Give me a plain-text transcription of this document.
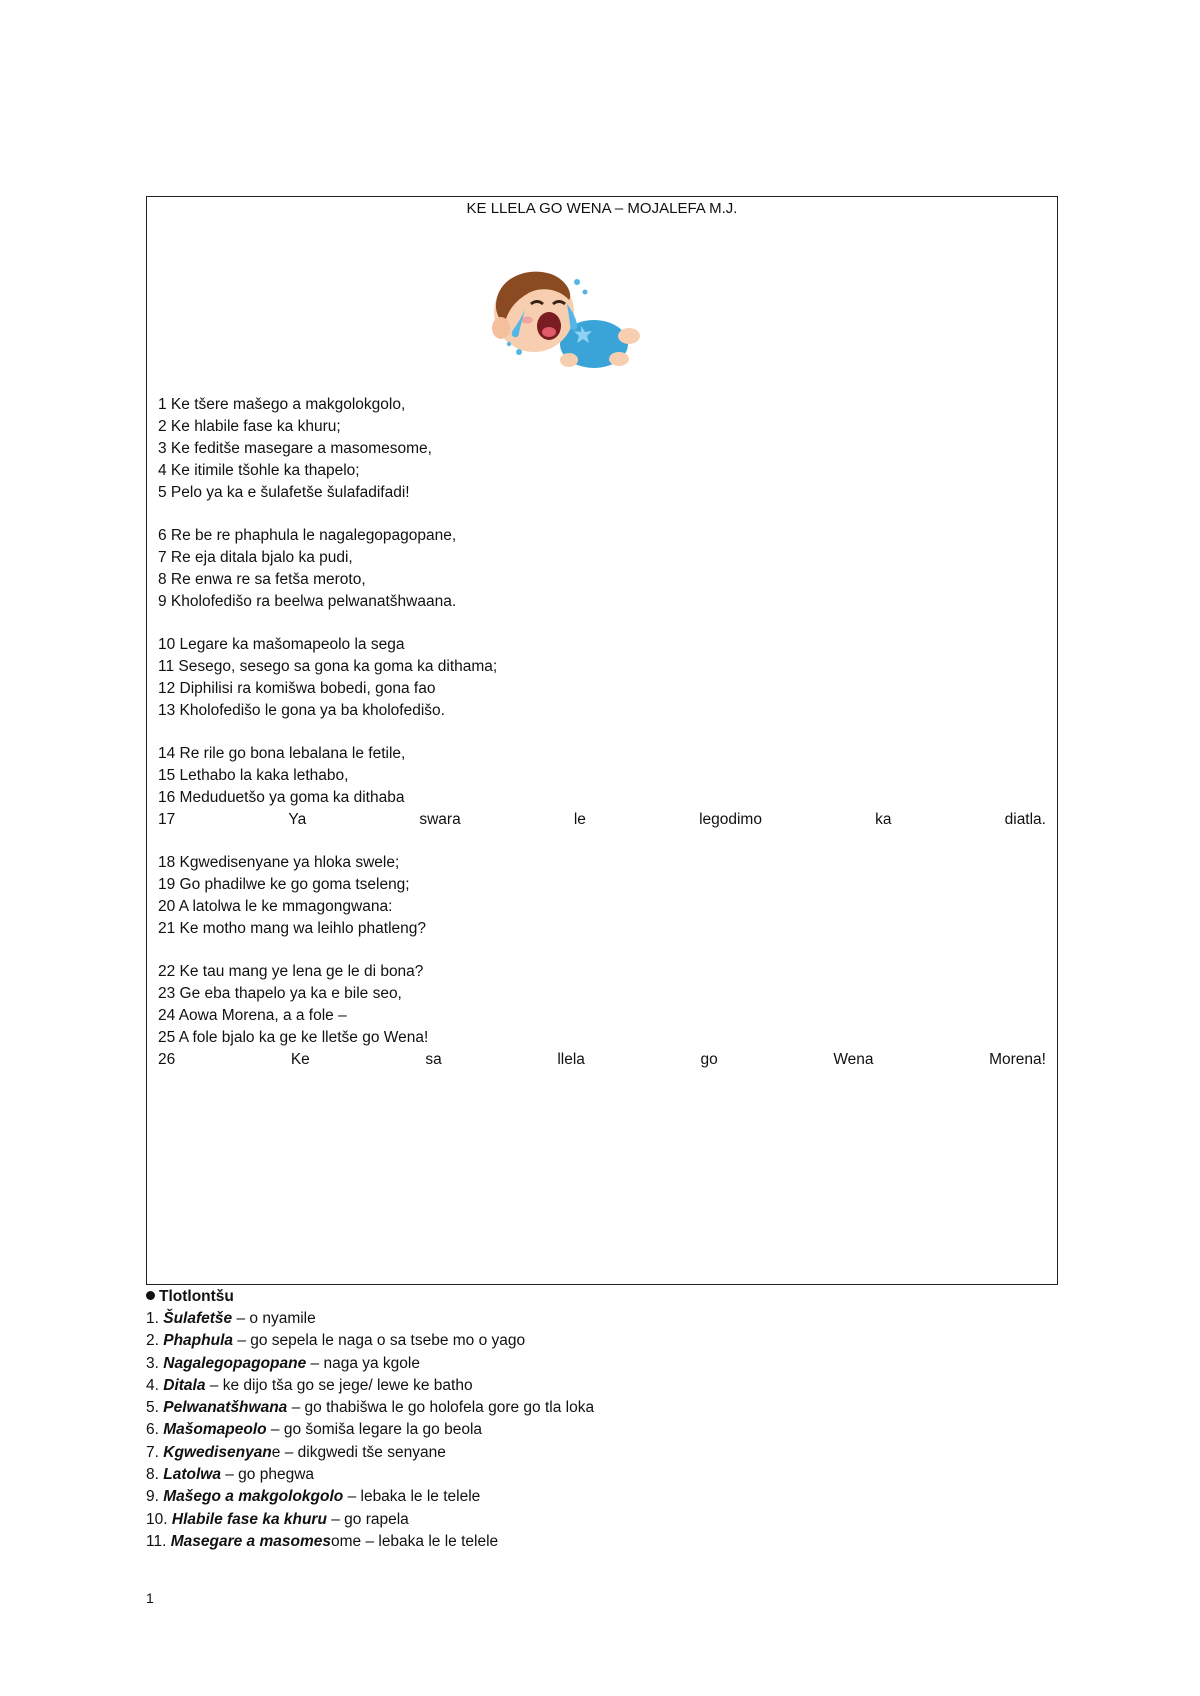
KE LLELA GO WENA – MOJALEFA M.J.
1 Ke tšere mašego a makgolokgolo,
2 Ke hlabile fase ka khuru;
3 Ke feditše masegare a masomesome,
4 Ke itimile tšohle ka thapelo;
5 Pelo ya ka e šulafetše šulafadifadi!
6 Re be re phaphula le nagalegopagopane,
7 Re eja ditala bjalo ka pudi,
8 Re enwa re sa fetša meroto,
9 Kholofedišo ra beelwa pelwanatšhwaana.
10 Legare ka mašomapeolo la sega
11 Sesego, sesego sa gona ka goma ka dithama;
12 Diphilisi ra komišwa bobedi, gona fao
13 Kholofedišo le gona ya ba kholofedišo.
14 Re rile go bona lebalana le fetile,
15 Lethabo la kaka lethabo,
16 Meduduetšo ya goma ka dithaba
17	Ya	swara	le	legodimo	ka	diatla.
18 Kgwedisenyane ya hloka swele;
19 Go phadilwe ke go goma tseleng;
20 A latolwa le ke mmagongwana:
21 Ke motho mang wa leihlo phatleng?
22 Ke tau mang ye lena ge le di bona?
23 Ge eba thapelo ya ka e bile seo,
24 Aowa Morena, a a fole –
25 A fole bjalo ka ge ke lletše go Wena!
26	Ke	sa	llela	go	Wena	Morena!
Tlotlontšu
1. Šulafetše – o nyamile
2. Phaphula – go sepela le naga o sa tsebe mo o yago
3. Nagalegopagopane – naga ya kgole
4. Ditala – ke dijo tša go se jege/ lewe ke batho
5. Pelwanatšhwana – go thabišwa le go holofela gore go tla loka
6. Mašomapeolo – go šomiša legare la go beola
7. Kgwedisenyane – dikgwedi tše senyane
8. Latolwa – go phegwa
9. Mašego a makgolokgolo – lebaka le le telele
10. Hlabile fase ka khuru – go rapela
11. Masegare a masomesome – lebaka le le telele
1
